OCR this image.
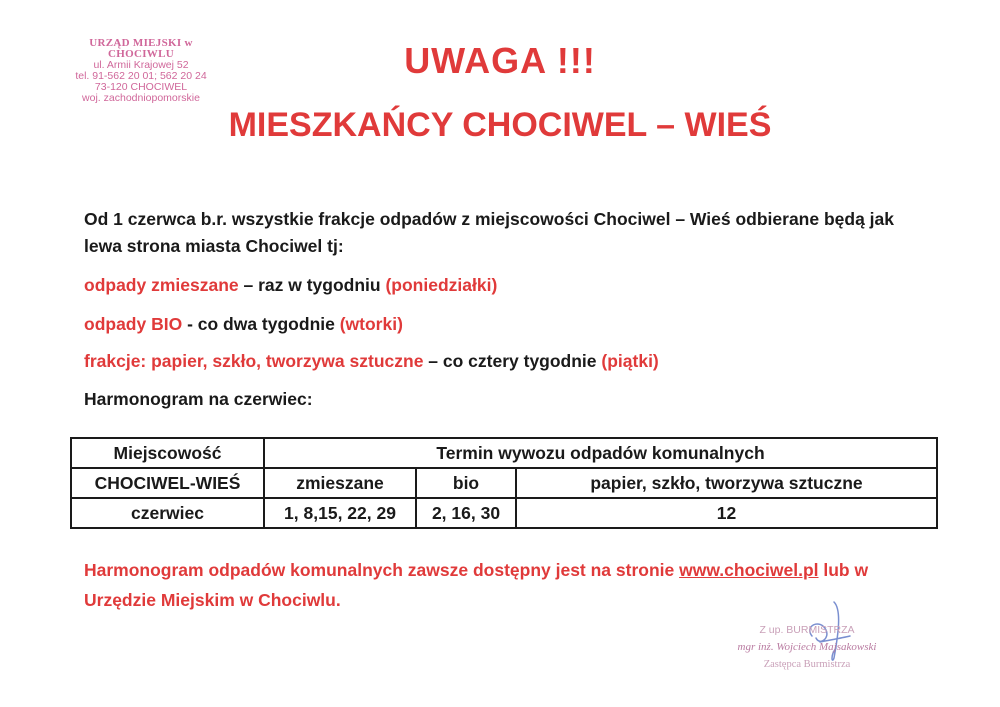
URZĄD MIEJSKI w CHOCIWLU
ul. Armii Krajowej 52
tel. 91-562 20 01; 562 20 24
73-120 CHOCIWEL
woj. zachodniopomorskie
UWAGA !!!
MIESZKAŃCY CHOCIWEL – WIEŚ
Od 1 czerwca b.r. wszystkie frakcje odpadów z miejscowości Chociwel – Wieś odbierane będą jak lewa strona miasta Chociwel tj:
odpady zmieszane – raz w tygodniu (poniedziałki)
odpady BIO - co dwa tygodnie (wtorki)
frakcje: papier, szkło, tworzywa sztuczne – co cztery tygodnie (piątki)
Harmonogram na czerwiec:
Miejscowość	Termin wywozu odpadów komunalnych		
CHOCIWEL-WIEŚ	zmieszane	bio	papier, szkło, tworzywa sztuczne
czerwiec	1, 8,15, 22, 29	2, 16, 30	12
Harmonogram odpadów komunalnych zawsze dostępny jest na stronie www.chociwel.pl lub w Urzędzie Miejskim w Chociwlu.
Z up. BURMISTRZA
mgr inż. Wojciech Majsakowski
Zastępca Burmistrza
